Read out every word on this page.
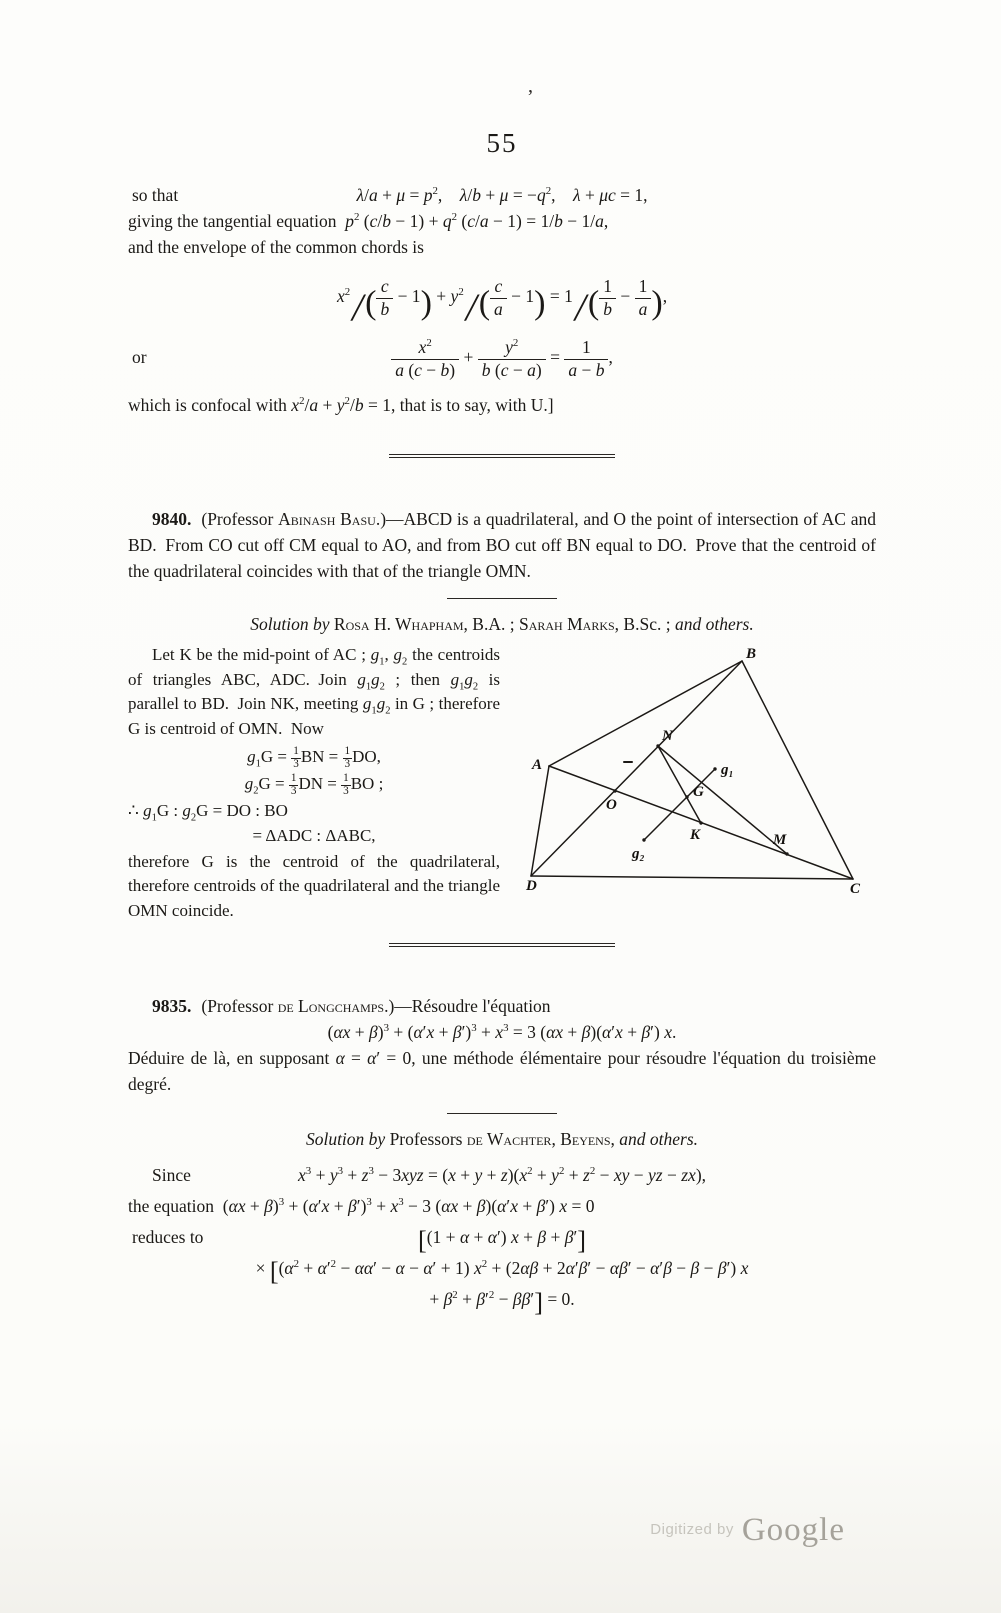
’
55
so that	$\lambda/a + \mu = p^2$, $\lambda/b + \mu = -q^2$, λ + μc = 1,

giving the tangential equation $p^2$ $(c/b - 1) + q^2$ (c/a − 1) = 1/b − 1/a,

and the envelope of the common chords is

$x^2/( \frac{c}{b} - 1) + y^2/( \frac{c}{a} - 1) = 1/( \frac{1}{b} - \frac{1}{a}$ ),
or	$\frac{x^2}{a (c - b)} + \frac{y^2}{b (c - a)} = \frac{1}{a - b}$ ,

which is confocal with $x^2/a + y^2/b = 1$, that is to say, with U.]

9840. (Professor Abinash Basu.)—ABCD is a quadrilateral, and O the point of intersection of AC and BD. From CO cut off CM equal to AO, and from BO cut off BN equal to DO. Prove that the centroid of the quadrilateral coincides with that of the triangle OMN.

Solution by Rosa H. Whapham, B.A. ; Sarah Marks, B.Sc. ; and others.

B
A
D	C
N
O
G
K	M
g₁
g₂

Let K be the mid-point of AC ; $g_1$, $g_2$ the centroids of triangles ABC, ADC. Join $g_1g_2$ ; then $g_1g_2$ is parallel to BD. Join NK, meeting $g_1g_2$ in G ; therefore G is centroid of OMN. Now

$g_1G = \frac{1}{3}$ BN = $\frac{1}{3}$ DO,
$g_2G = \frac{1}{3}$ DN = $\frac{1}{3}$ BO ;
∴ $g_1G$ : $g_2G$ = DO : BO
= ΔADC : ΔABC,

therefore G is the centroid of the quadrilateral, therefore centroids of the quadrilateral and the triangle OMN coincide.

9835. (Professor de Longchamps.)—Résoudre l'équation

$(\alpha x + \beta)^3 + (\alpha'x + \beta')^3 + x^3 = 3$ (αx + β)(α′x + β′) x.

Déduire de là, en supposant α = α′ = 0, une méthode élémentaire pour résoudre l'équation du troisième degré.

Solution by Professors de Wachter, Beyens, and others.

Since	$x^3 + y^3 + z^3 - 3xyz = (x + y + z)(x^2 + y^2 + z^2$ − xy − yz − zx),

the equation $(\alpha x + \beta)^3 + (\alpha'x + \beta')^3 + x^3 - 3$ (αx + β)(α′x + β′) x = 0

reduces to	[(1 + α + α′) x + β + β′]
× [$(\alpha^2 + \alpha'^2 - \alpha\alpha' - \alpha - \alpha' + 1) x^2 + (2\alpha\beta + 2\alpha'\beta' - \alpha\beta' - \alpha'\beta - \beta - \beta')$ x
+ $\beta^2 + \beta'^2 - \beta\beta'] = 0$.
Digitized by Google
